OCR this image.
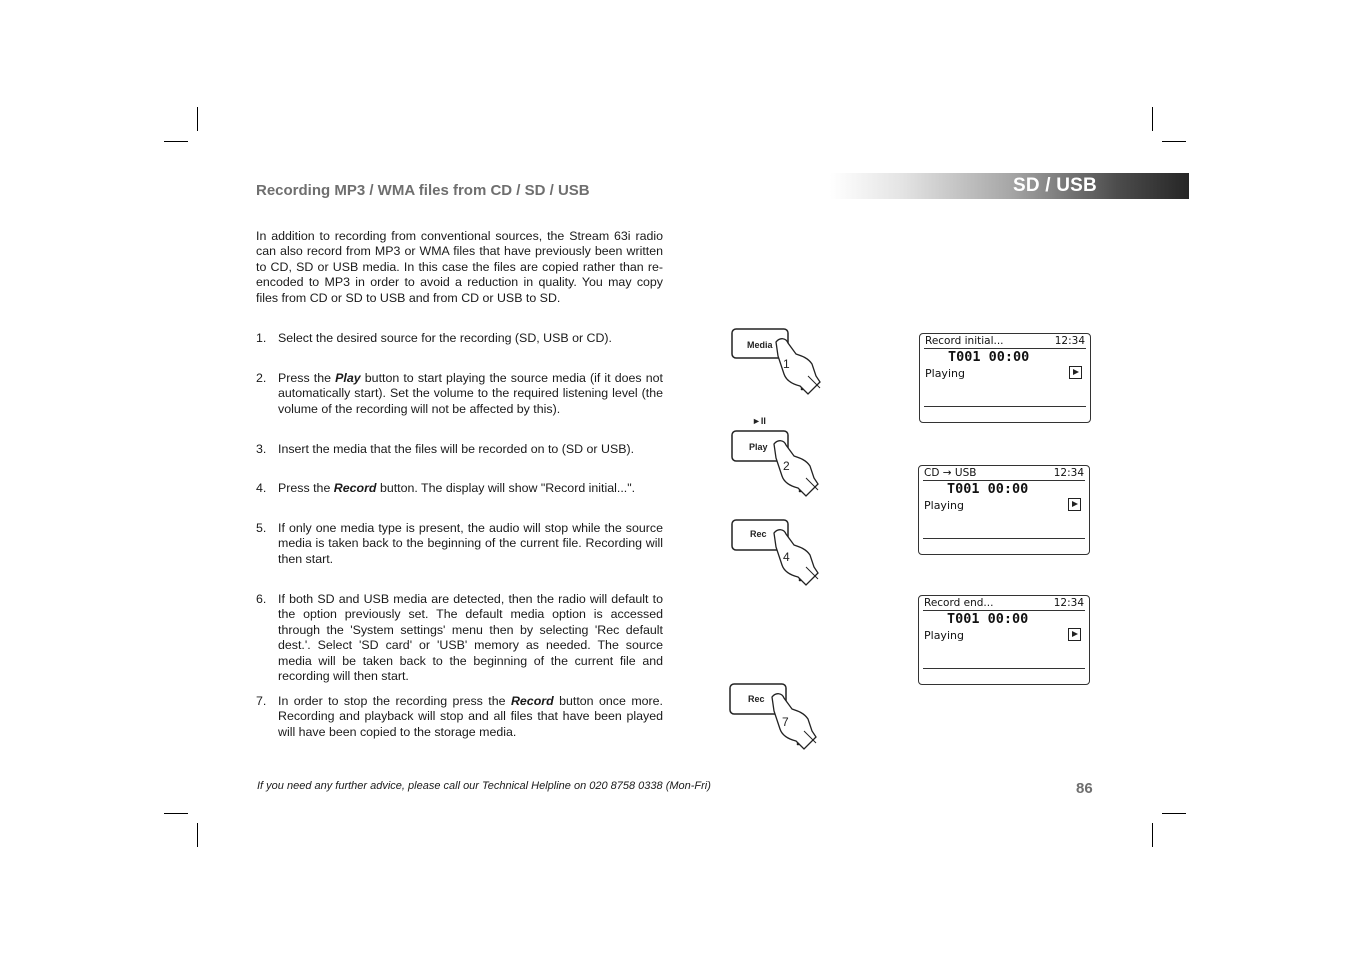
SD / USB
Recording MP3 / WMA files from CD / SD / USB

In addition to recording from conventional sources, the Stream 63i radio can also record from MP3 or WMA files that have previously been written to CD, SD or USB media. In this case the files are copied rather than re-encoded to MP3 in order to avoid a reduction in quality. You may copy files from CD or SD to USB and from CD or USB to SD.

1. Select the desired source for the recording (SD, USB or CD).
2. Press the Play button to start playing the source media (if it does not automatically start). Set the volume to the required listening level (the volume of the recording will not be affected by this).
3. Insert the media that the files will be recorded on to (SD or USB).
4. Press the Record button. The display will show "Record initial...".
5. If only one media type is present, the audio will stop while the source media is taken back to the beginning of the current file. Recording will then start.
6. If both SD and USB media are detected, then the radio will default to the option previously set. The default media option is accessed through the 'System settings' menu then by selecting 'Rec default dest.'. Select 'SD card' or 'USB' memory as needed. The source media will be taken back to the beginning of the current file and recording will then start.
7. In order to stop the recording press the Record button once more. Recording and playback will stop and all files that have been played will have been copied to the storage media.
Media
1
►II
Play
2
Rec
4
Rec
7
Record initial...	12:34
T001 00:00
Playing
CD → USB	12:34
T001 00:00
Playing
Record end...	12:34
T001 00:00
Playing
If you need any further advice, please call our Technical Helpline on 020 8758 0338 (Mon-Fri)	86
